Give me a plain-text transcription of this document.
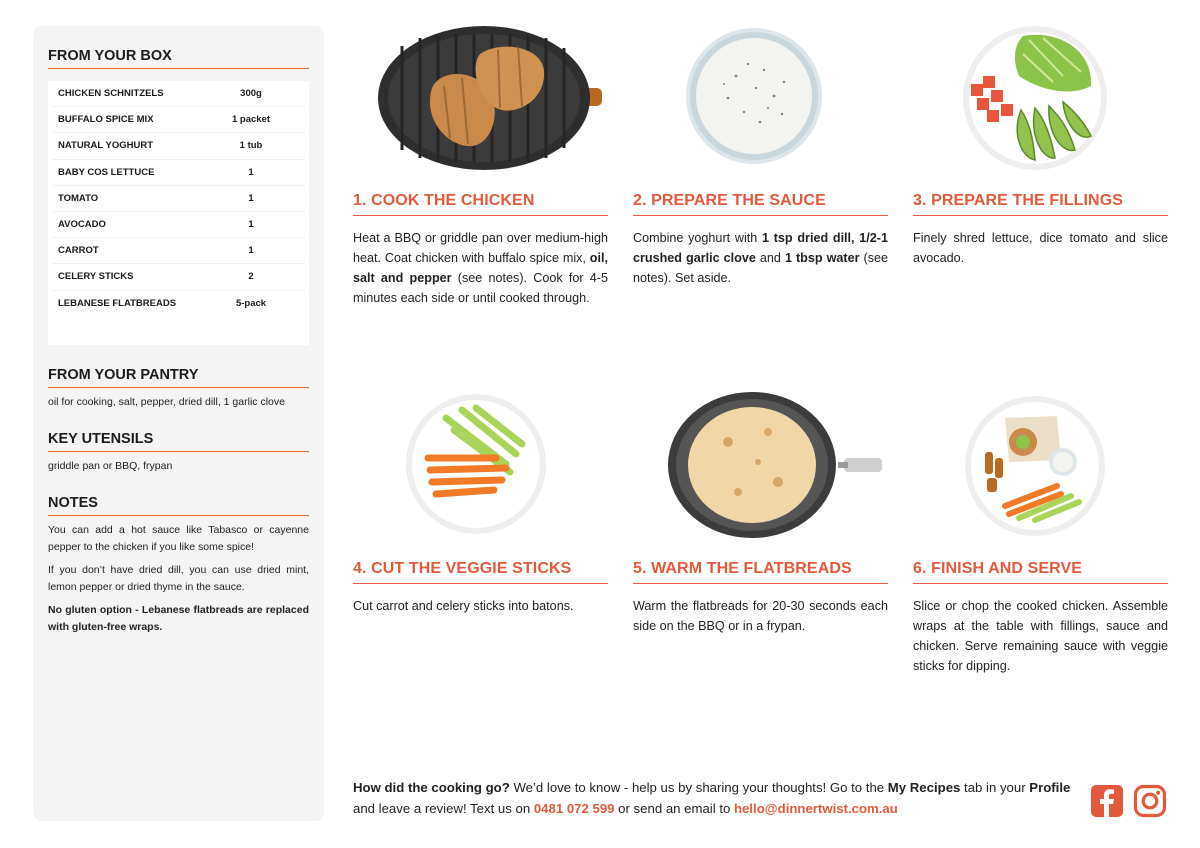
FROM YOUR BOX
CHICKEN SCHNITZELS	300g
BUFFALO SPICE MIX	1 packet
NATURAL YOGHURT	1 tub
BABY COS LETTUCE	1
TOMATO	1
AVOCADO	1
CARROT	1
CELERY STICKS	2
LEBANESE FLATBREADS	5-pack
FROM YOUR PANTRY
oil for cooking, salt, pepper, dried dill, 1 garlic clove
KEY UTENSILS
griddle pan or BBQ, frypan
NOTES

You can add a hot sauce like Tabasco or cayenne pepper to the chicken if you like some spice!

If you don’t have dried dill, you can use dried mint, lemon pepper or dried thyme in the sauce.

No gluten option - Lebanese flatbreads are replaced with gluten-free wraps.

1. COOK THE CHICKEN
Heat a BBQ or griddle pan over medium-high heat. Coat chicken with buffalo spice mix, oil, salt and pepper (see notes). Cook for 4-5 minutes each side or until cooked through.
2. PREPARE THE SAUCE
Combine yoghurt with 1 tsp dried dill, 1/2-1 crushed garlic clove and 1 tbsp water (see notes). Set aside.
3. PREPARE THE FILLINGS
Finely shred lettuce, dice tomato and slice avocado.
4. CUT THE VEGGIE STICKS
Cut carrot and celery sticks into batons.
5. WARM THE FLATBREADS
Warm the flatbreads for 20-30 seconds each side on the BBQ or in a frypan.
6. FINISH AND SERVE
Slice or chop the cooked chicken. Assemble wraps at the table with fillings, sauce and chicken. Serve remaining sauce with veggie sticks for dipping.
How did the cooking go? We’d love to know - help us by sharing your thoughts! Go to the My Recipes tab in your Profile and leave a review! Text us on 0481 072 599 or send an email to hello@dinnertwist.com.au
